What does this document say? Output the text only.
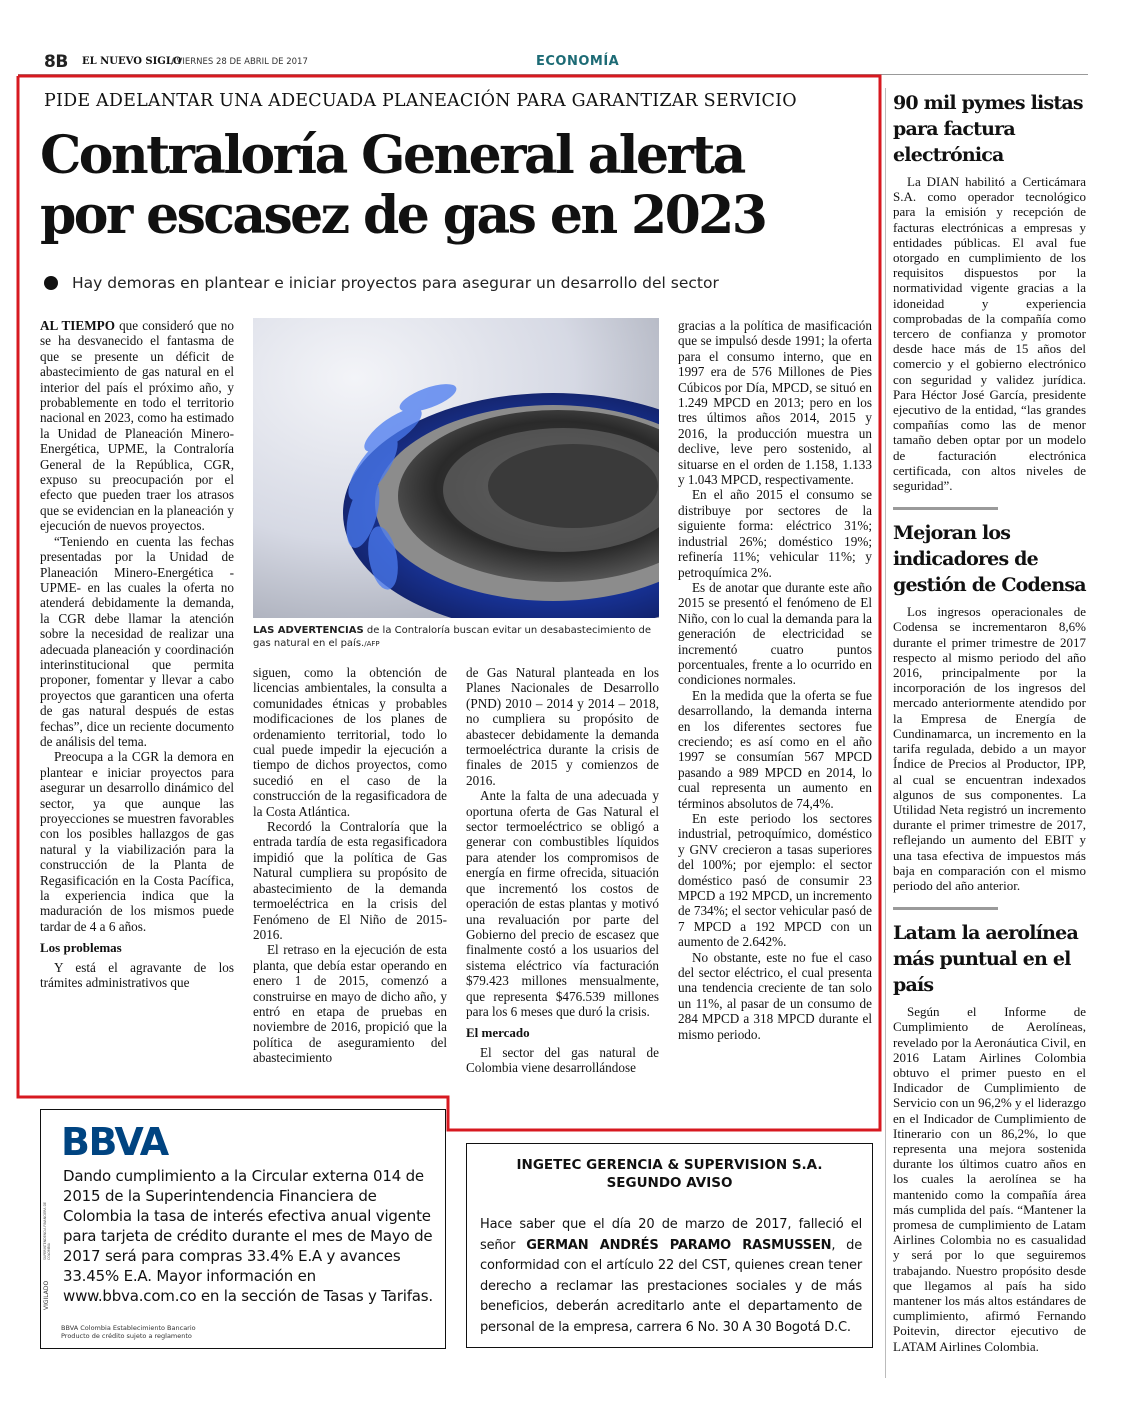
8B EL NUEVO SIGLO
/ VIERNES 28 DE ABRIL DE 2017	ECONOMÍA
PIDE ADELANTAR UNA ADECUADA PLANEACIÓN PARA GARANTIZAR SERVICIO
Contraloría General alerta
por escasez de gas en 2023
Hay demoras en plantear e iniciar proyectos para asegurar un desarrollo del sector

AL TIEMPO que consideró que no se ha desvanecido el fantasma de que se presente un déficit de abastecimiento de gas natural en el interior del país el próximo año, y probablemente en todo el territorio nacional en 2023, como ha estimado la Unidad de Planeación Minero-Energética, UPME, la Contraloría General de la República, CGR, expuso su preocupación por el efecto que pueden traer los atrasos que se evidencian en la planeación y ejecución de nuevos proyectos.

“Teniendo en cuenta las fechas presentadas por la Unidad de Planeación Minero-Energética -UPME- en las cuales la oferta no atenderá debidamente la demanda, la CGR debe llamar la atención sobre la necesidad de realizar una adecuada planeación y coordinación interinstitucional que permita proponer, fomentar y llevar a cabo proyectos que garanticen una oferta de gas natural después de estas fechas”, dice un reciente documento de análisis del tema.

Preocupa a la CGR la demora en plantear e iniciar proyectos para asegurar un desarrollo dinámico del sector, ya que aunque las proyecciones se muestren favorables con los posibles hallazgos de gas natural y la viabilización para la construcción de la Planta de Regasificación en la Costa Pacífica, la experiencia indica que la maduración de los mismos puede tardar de 4 a 6 años.

Los problemas

Y está el agravante de los trámites administrativos que

LAS ADVERTENCIAS de la Contraloría buscan evitar un desabastecimiento de gas natural en el país./AFP

siguen, como la obtención de licencias ambientales, la consulta a comunidades étnicas y probables modificaciones de los planes de ordenamiento territorial, todo lo cual puede impedir la ejecución a tiempo de dichos proyectos, como sucedió en el caso de la construcción de la regasificadora de la Costa Atlántica.

Recordó la Contraloría que la entrada tardía de esta regasificadora impidió que la política de Gas Natural cumpliera su propósito de abastecimiento de la demanda termoeléctrica en la crisis del Fenómeno de El Niño de 2015-2016.

El retraso en la ejecución de esta planta, que debía estar operando en enero 1 de 2015, comenzó a construirse en mayo de dicho año, y entró en etapa de pruebas en noviembre de 2016, propició que la política de aseguramiento del abastecimiento

de Gas Natural planteada en los Planes Nacionales de Desarrollo (PND) 2010 – 2014 y 2014 – 2018, no cumpliera su propósito de abastecer debidamente la demanda termoeléctrica durante la crisis de finales de 2015 y comienzos de 2016.

Ante la falta de una adecuada y oportuna oferta de Gas Natural el sector termoeléctrico se obligó a generar con combustibles líquidos para atender los compromisos de energía en firme ofrecida, situación que incrementó los costos de operación de estas plantas y motivó una revaluación por parte del Gobierno del precio de escasez que finalmente costó a los usuarios del sistema eléctrico vía facturación $79.423 millones mensualmente, que representa $476.539 millones para los 6 meses que duró la crisis.

El mercado

El sector del gas natural de Colombia viene desarrollándose

gracias a la política de masificación que se impulsó desde 1991; la oferta para el consumo interno, que en 1997 era de 576 Millones de Pies Cúbicos por Día, MPCD, se situó en 1.249 MPCD en 2013; pero en los tres últimos años 2014, 2015 y 2016, la producción muestra un declive, leve pero sostenido, al situarse en el orden de 1.158, 1.133 y 1.043 MPCD, respectivamente.

En el año 2015 el consumo se distribuye por sectores de la siguiente forma: eléctrico 31%; industrial 26%; doméstico 19%; refinería 11%; vehicular 11%; y petroquímica 2%.

Es de anotar que durante este año 2015 se presentó el fenómeno de El Niño, con lo cual la demanda para la generación de electricidad se incrementó cuatro puntos porcentuales, frente a lo ocurrido en condiciones normales.

En la medida que la oferta se fue desarrollando, la demanda interna en los diferentes sectores fue creciendo; es así como en el año 1997 se consumían 567 MPCD pasando a 989 MPCD en 2014, lo cual representa un aumento en términos absolutos de 74,4%.

En este periodo los sectores industrial, petroquímico, doméstico y GNV crecieron a tasas superiores del 100%; por ejemplo: el sector doméstico pasó de consumir 23 MPCD a 192 MPCD, un incremento de 734%; el sector vehicular pasó de 7 MPCD a 192 MPCD con un aumento de 2.642%.

No obstante, este no fue el caso del sector eléctrico, el cual presenta una tendencia creciente de tan solo un 11%, al pasar de un consumo de 284 MPCD a 318 MPCD durante el mismo periodo.

90 mil pymes listas para factura electrónica

La DIAN habilitó a Certicámara S.A. como operador tecnológico para la emisión y recepción de facturas electrónicas a empresas y entidades públicas. El aval fue otorgado en cumplimiento de los requisitos dispuestos por la normatividad vigente gracias a la idoneidad y experiencia comprobadas de la compañía como tercero de confianza y promotor desde hace más de 15 años del comercio y el gobierno electrónico con seguridad y validez jurídica. Para Héctor José García, presidente ejecutivo de la entidad, “las grandes compañías como las de menor tamaño deben optar por un modelo de facturación electrónica certificada, con altos niveles de seguridad”.

Mejoran los indicadores de gestión de Codensa

Los ingresos operacionales de Codensa se incrementaron 8,6% durante el primer trimestre de 2017 respecto al mismo periodo del año 2016, principalmente por la incorporación de los ingresos del mercado anteriormente atendido por la Empresa de Energía de Cundinamarca, un incremento en la tarifa regulada, debido a un mayor Índice de Precios al Productor, IPP, al cual se encuentran indexados algunos de sus componentes. La Utilidad Neta registró un incremento durante el primer trimestre de 2017, reflejando un aumento del EBIT y una tasa efectiva de impuestos más baja en comparación con el mismo periodo del año anterior.

Latam la aerolínea más puntual en el país

Según el Informe de Cumplimiento de Aerolíneas, revelado por la Aeronáutica Civil, en 2016 Latam Airlines Colombia obtuvo el primer puesto en el Indicador de Cumplimiento de Servicio con un 96,2% y el liderazgo en el Indicador de Cumplimiento de Itinerario con un 86,2%, lo que representa una mejora sostenida durante los últimos cuatro años en los cuales la aerolínea se ha mantenido como la compañía área más cumplida del país. “Mantener la promesa de cumplimiento de Latam Airlines Colombia no es casualidad y será por lo que seguiremos trabajando. Nuestro propósito desde que llegamos al país ha sido mantener los más altos estándares de cumplimiento, afirmó Fernando Poitevin, director ejecutivo de LATAM Airlines Colombia.

BBVA
Dando cumplimiento a la Circular externa 014 de 2015 de la Superintendencia Financiera de Colombia la tasa de interés efectiva anual vigente para tarjeta de crédito durante el mes de Mayo de 2017 será para compras 33.4% E.A y avances 33.45% E.A. Mayor información en www.bbva.com.co en la sección de Tasas y Tarifas.
BBVA Colombia Establecimiento Bancario
Producto de crédito sujeto a reglamento
VIGILADO
SUPERINTENDENCIA FINANCIERA DE COLOMBIA
INGETEC GERENCIA & SUPERVISION S.A.
SEGUNDO AVISO
Hace saber que el día 20 de marzo de 2017, falleció el señor GERMAN ANDRÉS PARAMO RASMUSSEN, de conformidad con el artículo 22 del CST, quienes crean tener derecho a reclamar las prestaciones sociales y de más beneficios, deberán acreditarlo ante el departamento de personal de la empresa, carrera 6 No. 30 A 30 Bogotá D.C.
